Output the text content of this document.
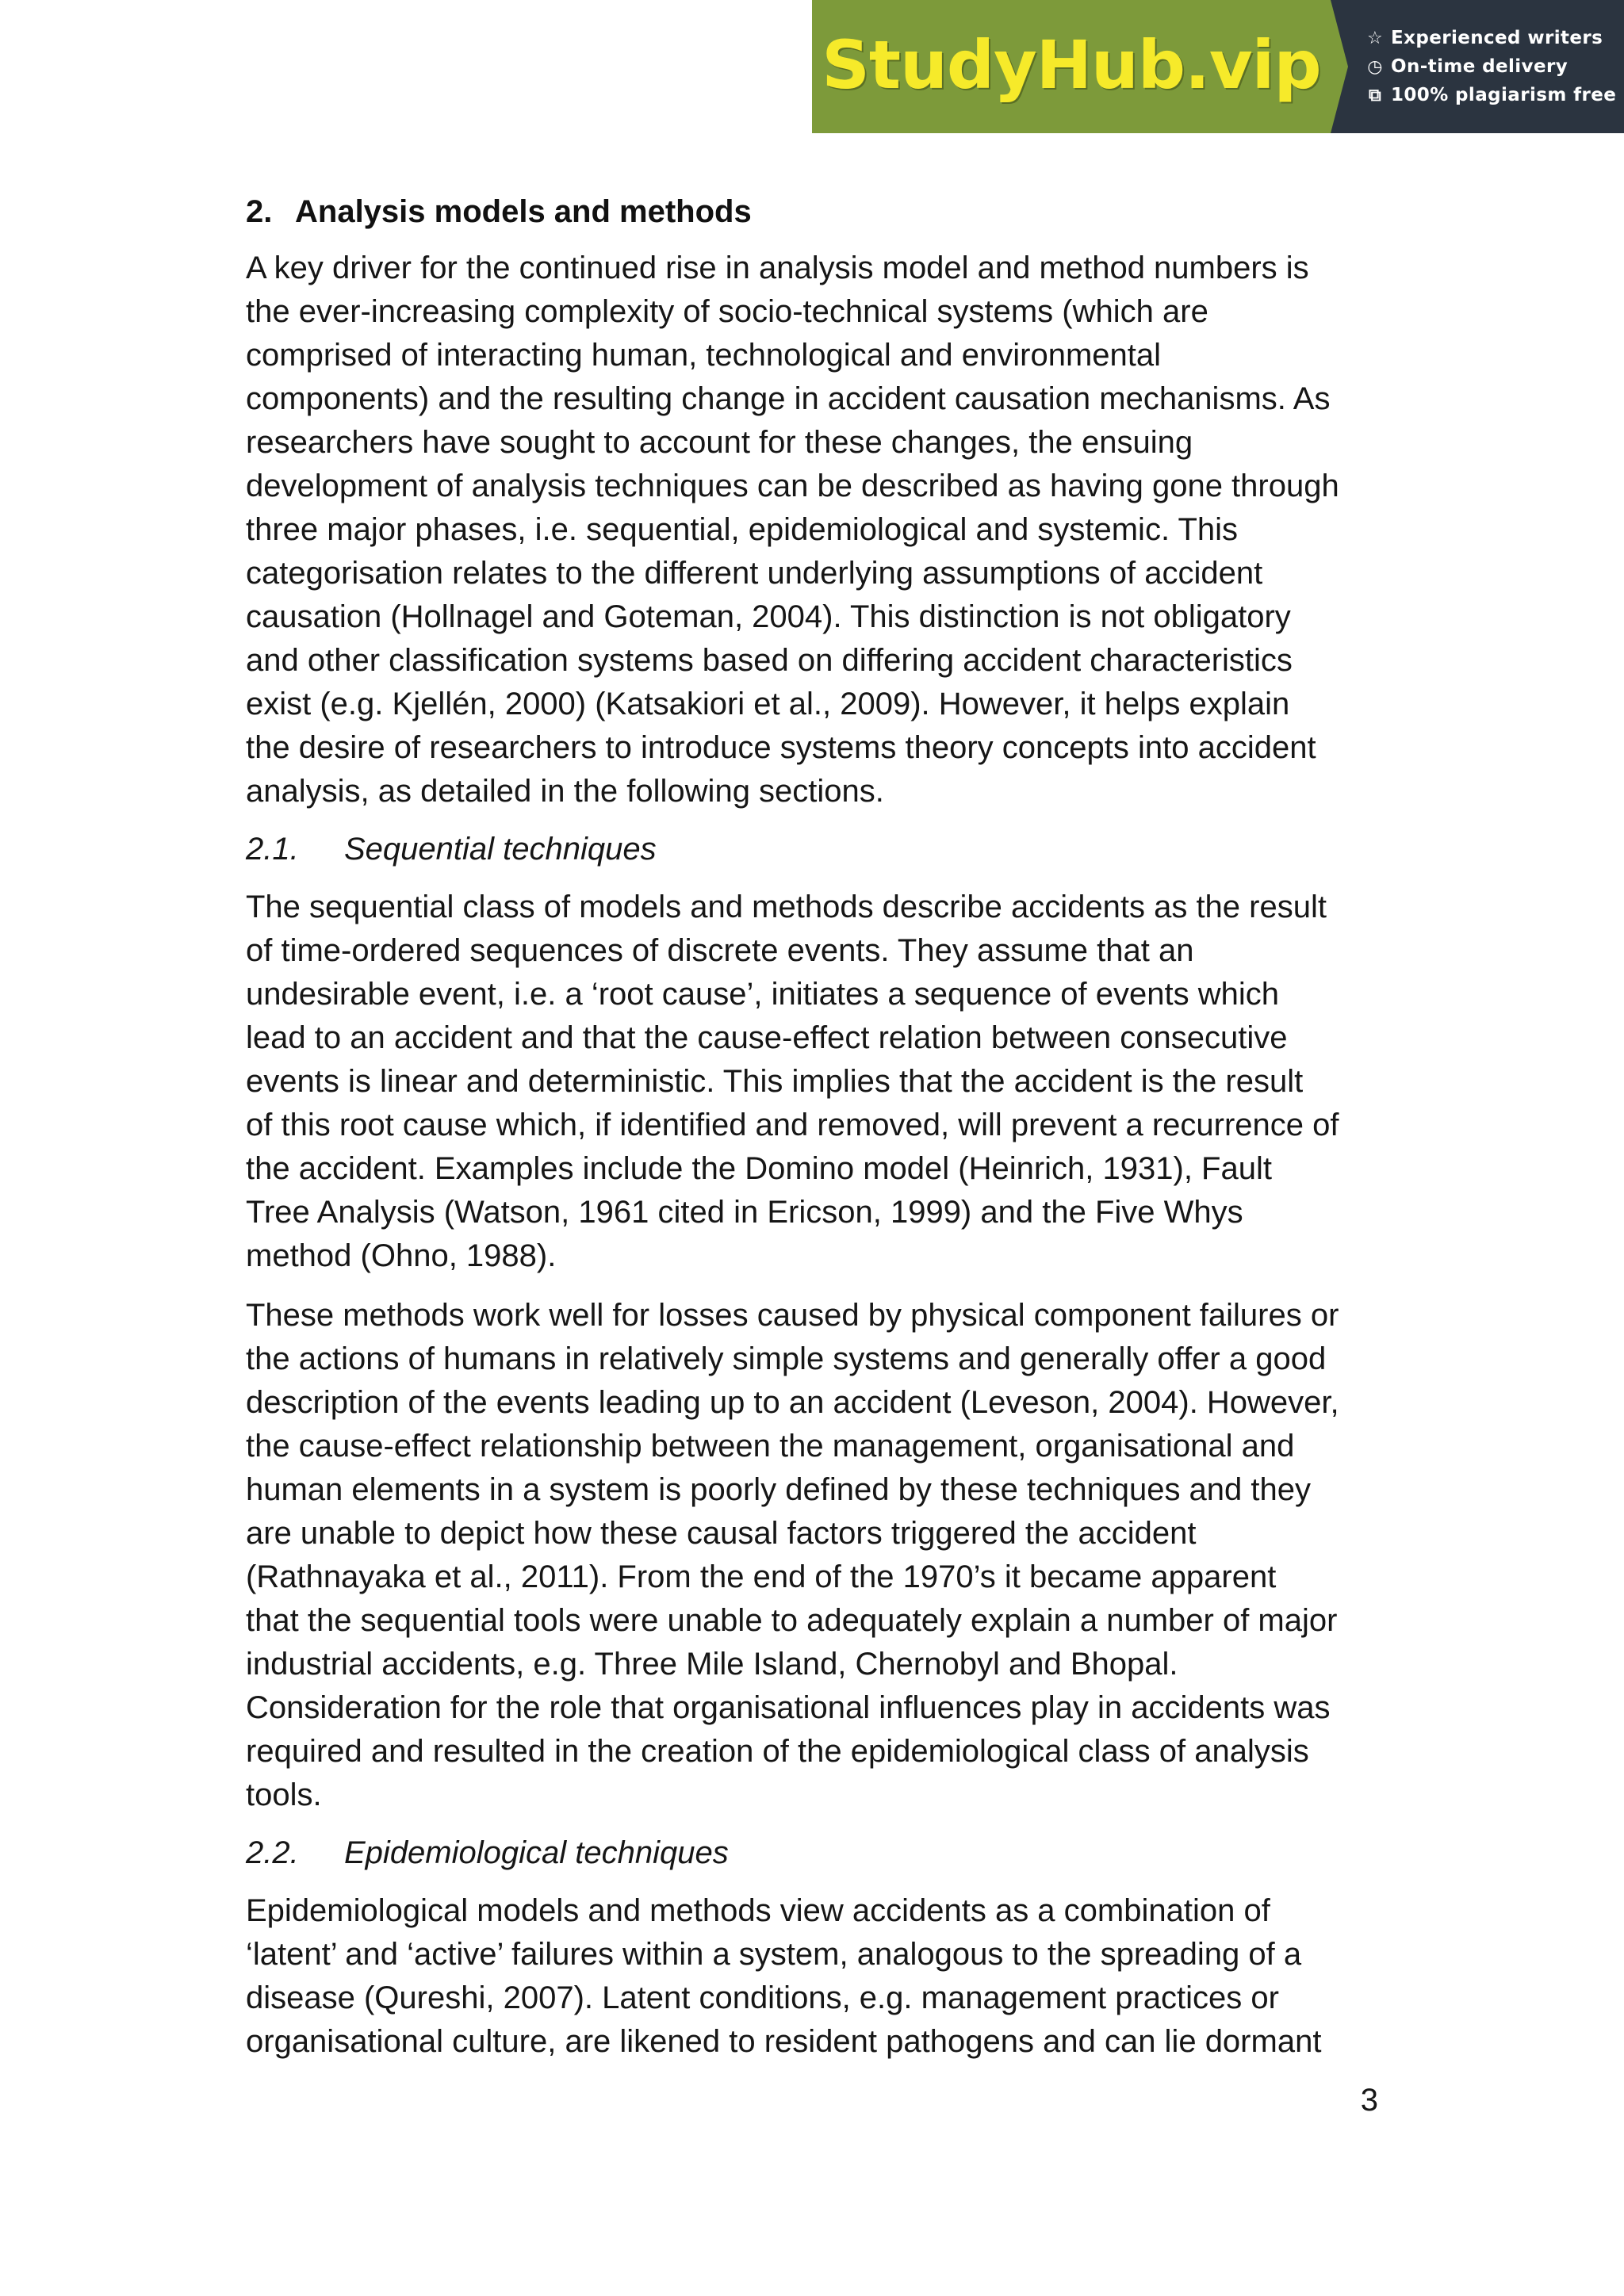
StudyHub.vip	☆ Experienced writers
◷ On-time delivery
⧉ 100% plagiarism free
2. Analysis models and methods

A key driver for the continued rise in analysis model and method numbers is

the ever-increasing complexity of socio-technical systems (which are

comprised of interacting human, technological and environmental

components) and the resulting change in accident causation mechanisms. As

researchers have sought to account for these changes, the ensuing

development of analysis techniques can be described as having gone through

three major phases, i.e. sequential, epidemiological and systemic. This

categorisation relates to the different underlying assumptions of accident

causation (Hollnagel and Goteman, 2004). This distinction is not obligatory

and other classification systems based on differing accident characteristics

exist (e.g. Kjellén, 2000) (Katsakiori et al., 2009). However, it helps explain

the desire of researchers to introduce systems theory concepts into accident

analysis, as detailed in the following sections.

2.1. Sequential techniques

The sequential class of models and methods describe accidents as the result

of time-ordered sequences of discrete events. They assume that an

undesirable event, i.e. a ‘root cause’, initiates a sequence of events which

lead to an accident and that the cause-effect relation between consecutive

events is linear and deterministic. This implies that the accident is the result

of this root cause which, if identified and removed, will prevent a recurrence of

the accident. Examples include the Domino model (Heinrich, 1931), Fault

Tree Analysis (Watson, 1961 cited in Ericson, 1999) and the Five Whys

method (Ohno, 1988).

These methods work well for losses caused by physical component failures or

the actions of humans in relatively simple systems and generally offer a good

description of the events leading up to an accident (Leveson, 2004). However,

the cause-effect relationship between the management, organisational and

human elements in a system is poorly defined by these techniques and they

are unable to depict how these causal factors triggered the accident

(Rathnayaka et al., 2011). From the end of the 1970’s it became apparent

that the sequential tools were unable to adequately explain a number of major

industrial accidents, e.g. Three Mile Island, Chernobyl and Bhopal.

Consideration for the role that organisational influences play in accidents was

required and resulted in the creation of the epidemiological class of analysis

tools.

2.2. Epidemiological techniques

Epidemiological models and methods view accidents as a combination of

‘latent’ and ‘active’ failures within a system, analogous to the spreading of a

disease (Qureshi, 2007). Latent conditions, e.g. management practices or

organisational culture, are likened to resident pathogens and can lie dormant

3
